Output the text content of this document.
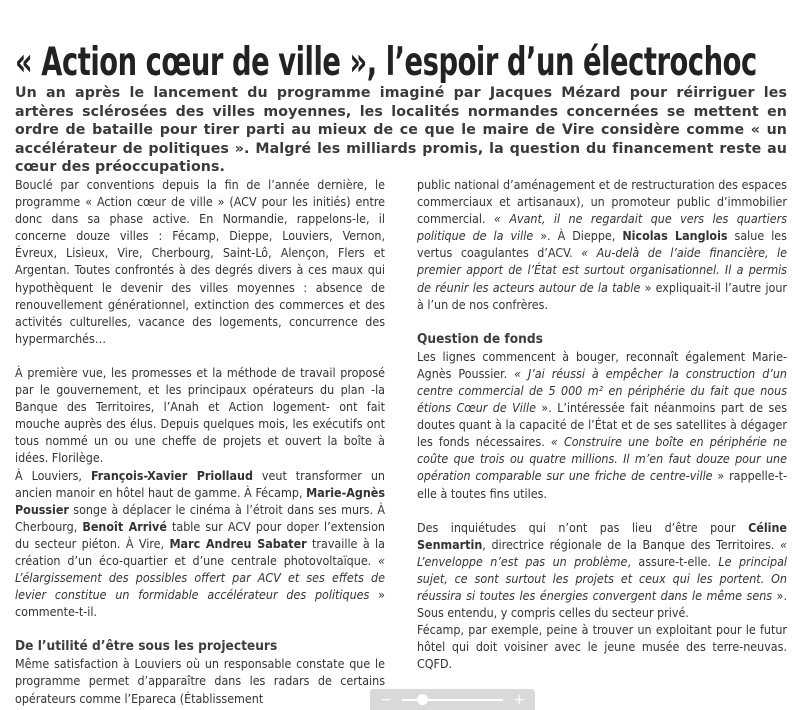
« Action cœur de ville », l’espoir d’un électrochoc
Un an après le lancement du programme imaginé par Jacques Mézard pour réirriguer les artères sclérosées des villes moyennes, les localités normandes concernées se mettent en ordre de bataille pour tirer parti au mieux de ce que le maire de Vire considère comme « un accélérateur de politiques ». Malgré les milliards promis, la question du financement reste au cœur des préoccupations.

Bouclé par conventions depuis la fin de l’année dernière, le programme « Action cœur de ville » (ACV pour les initiés) entre donc dans sa phase active. En Normandie, rappelons-le, il concerne douze villes : Fécamp, Dieppe, Louviers, Vernon, Évreux, Lisieux, Vire, Cherbourg, Saint-Lô, Alençon, Flers et Argentan. Toutes confrontés à des degrés divers à ces maux qui hypothèquent le devenir des villes moyennes : absence de renouvellement générationnel, extinction des commerces et des activités culturelles, vacance des logements, concurrence des hypermarchés…

À première vue, les promesses et la méthode de travail proposé par le gouvernement, et les principaux opérateurs du plan -la Banque des Territoires, l’Anah et Action logement- ont fait mouche auprès des élus. Depuis quelques mois, les exécutifs ont tous nommé un ou une cheffe de projets et ouvert la boîte à idées. Florilège.

À Louviers, François-Xavier Priollaud veut transformer un ancien manoir en hôtel haut de gamme. À Fécamp, Marie-Agnès Poussier songe à déplacer le cinéma à l’étroit dans ses murs. À Cherbourg, Benoît Arrivé table sur ACV pour doper l’extension du secteur piéton. À Vire, Marc Andreu Sabater travaille à la création d’un éco-quartier et d’une centrale photovoltaïque. « L’élargissement des possibles offert par ACV et ses effets de levier constitue un formidable accélérateur des politiques » commente-t-il.

De l’utilité d’être sous les projecteurs

Même satisfaction à Louviers où un responsable constate que le programme permet d’apparaître dans les radars de certains opérateurs comme l’Epareca (Établissement

public national d’aménagement et de restructuration des espaces commerciaux et artisanaux), un promoteur public d’immobilier commercial. « Avant, il ne regardait que vers les quartiers politique de la ville ». À Dieppe, Nicolas Langlois salue les vertus coagulantes d’ACV. « Au-delà de l’aide financière, le premier apport de l’État est surtout organisationnel. Il a permis de réunir les acteurs autour de la table » expliquait-il l’autre jour à l’un de nos confrères.

Question de fonds

Les lignes commencent à bouger, reconnaît également Marie-Agnès Poussier. « J’ai réussi à empêcher la construction d’un centre commercial de 5 000 m² en périphérie du fait que nous étions Cœur de Ville ». L’intéressée fait néanmoins part de ses doutes quant à la capacité de l’État et de ses satellites à dégager les fonds nécessaires. « Construire une boîte en périphérie ne coûte que trois ou quatre millions. Il m’en faut douze pour une opération comparable sur une friche de centre-ville » rappelle-t-elle à toutes fins utiles.

Des inquiétudes qui n’ont pas lieu d’être pour Céline Senmartin, directrice régionale de la Banque des Territoires. « L’enveloppe n’est pas un problème, assure-t-elle. Le principal sujet, ce sont surtout les projets et ceux qui les portent. On réussira si toutes les énergies convergent dans le même sens ». Sous entendu, y compris celles du secteur privé.

Fécamp, par exemple, peine à trouver un exploitant pour le futur hôtel qui doit voisiner avec le jeune musée des terre-neuvas. CQFD.

−	+
